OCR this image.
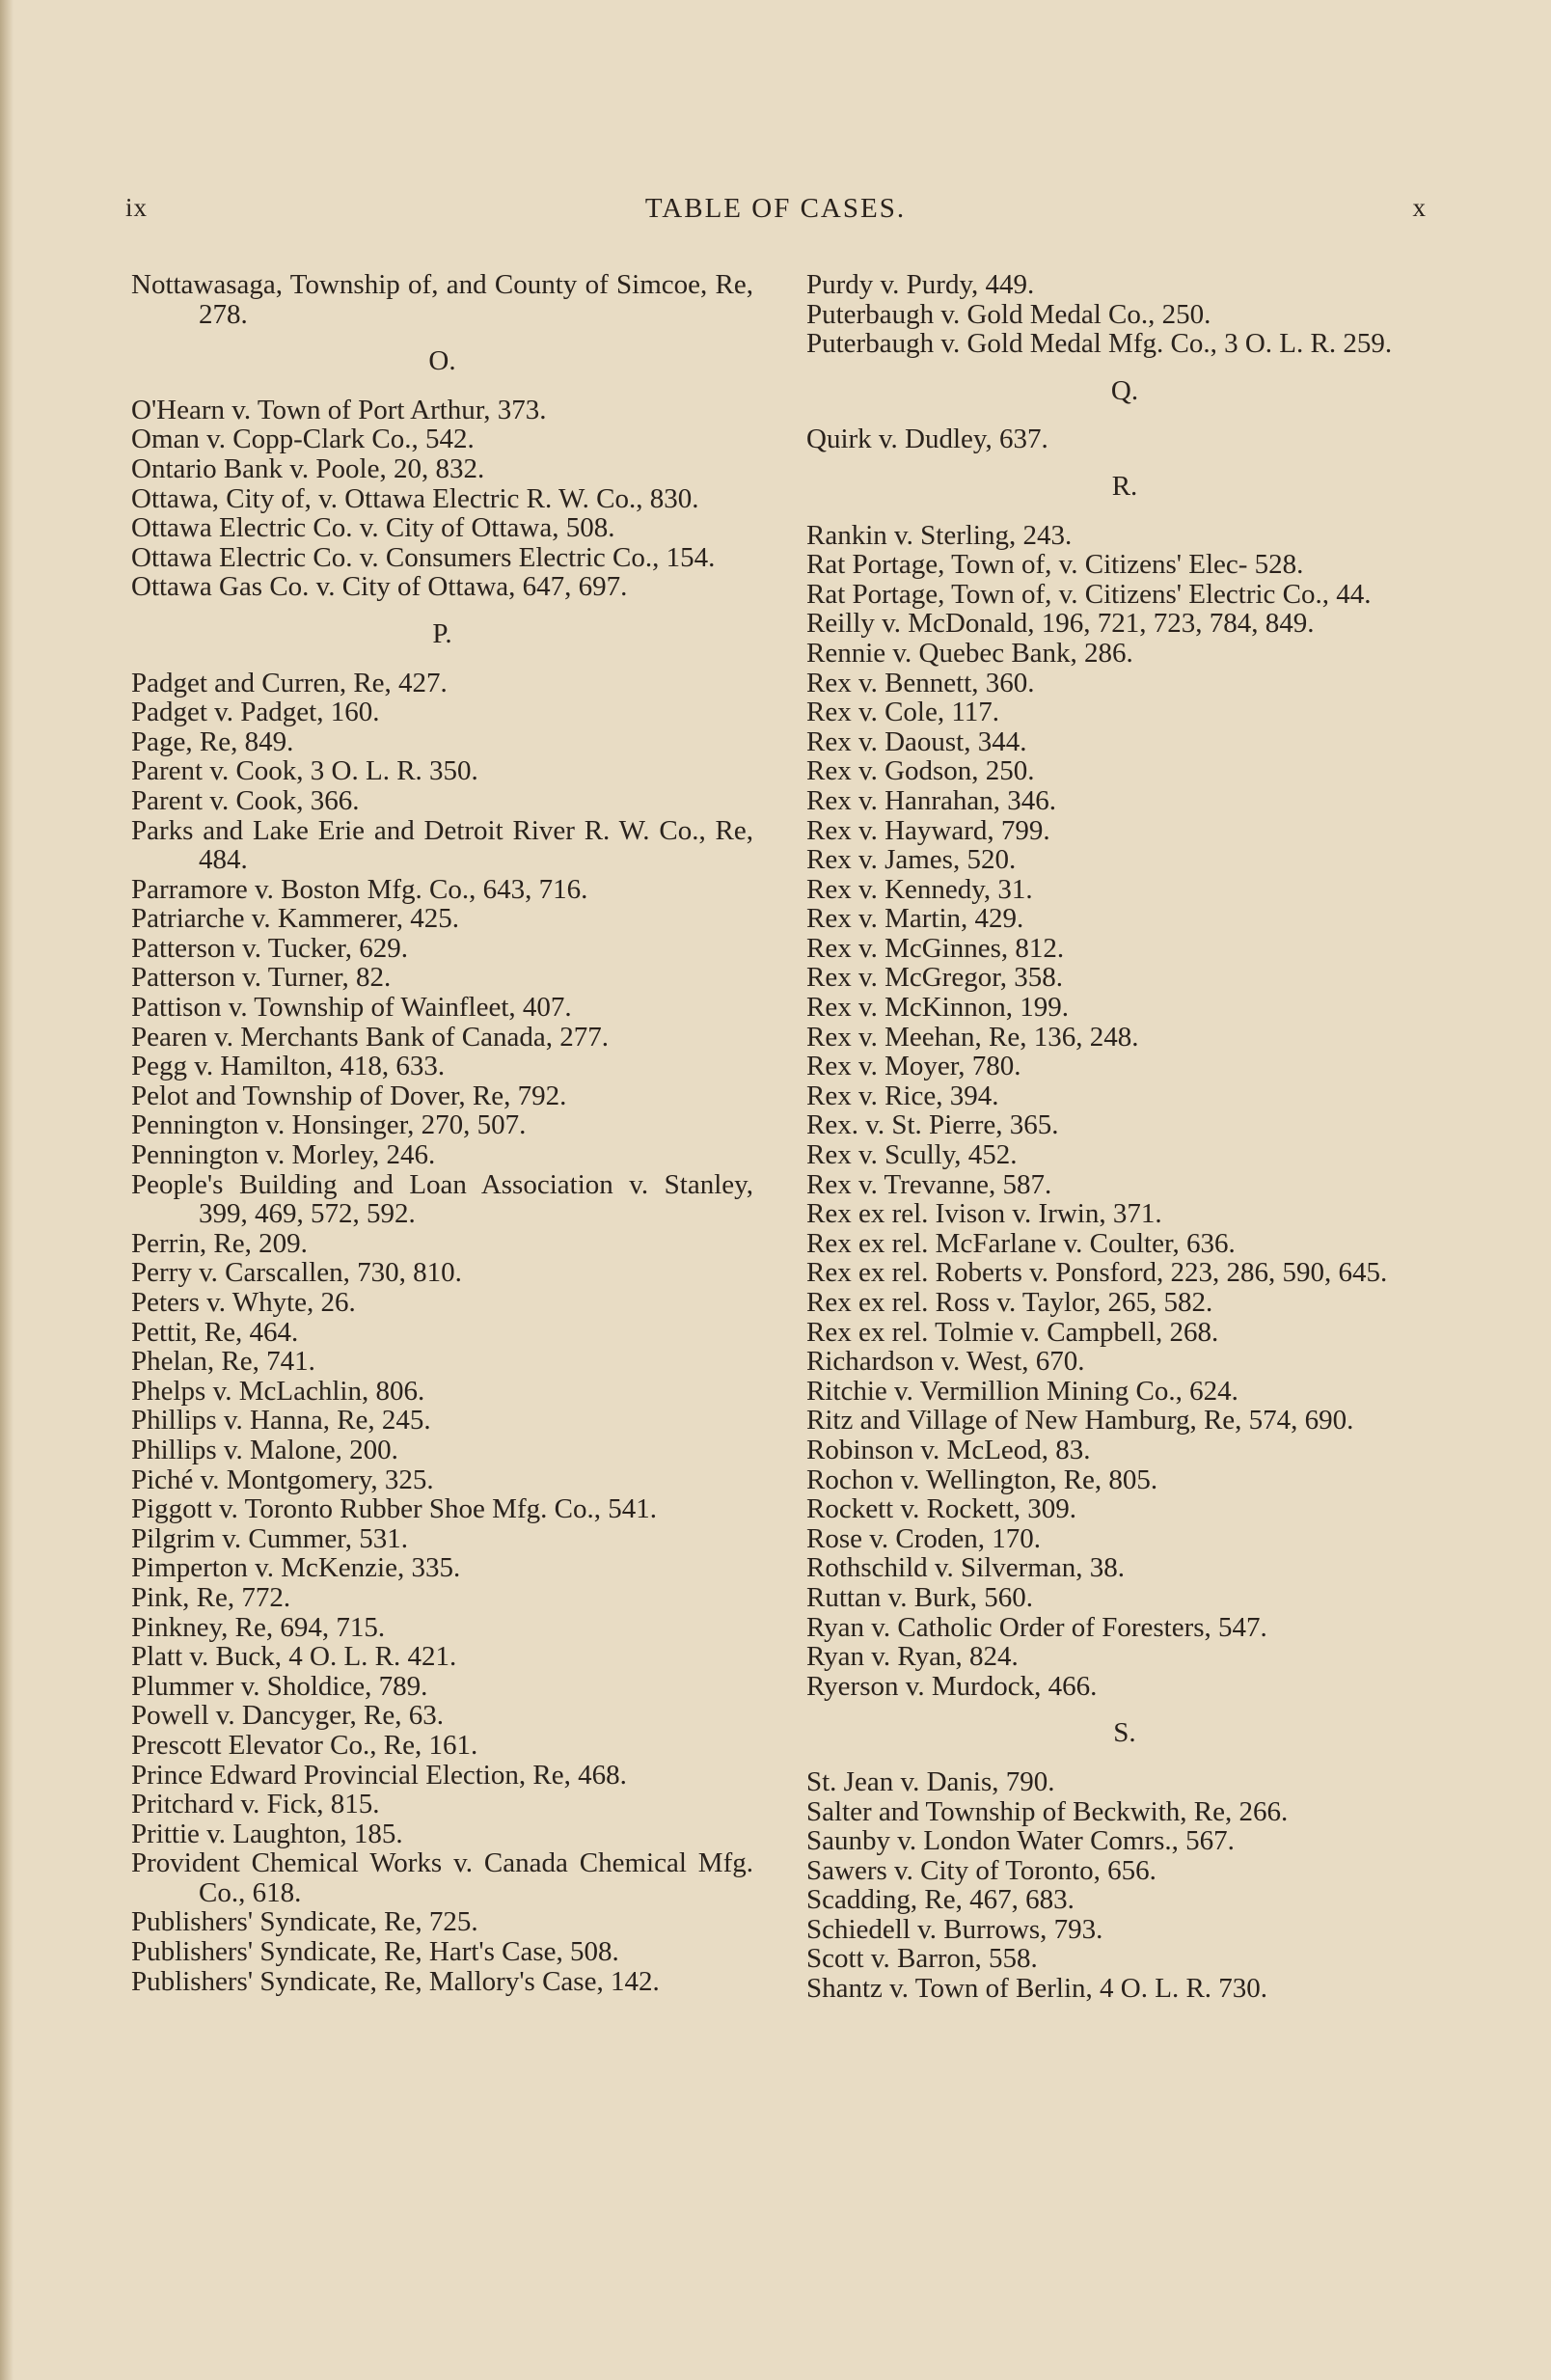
ix	TABLE OF CASES.	x
Nottawasaga, Township of, and County of Simcoe, Re, 278.
O.
O'Hearn v. Town of Port Arthur, 373.
Oman v. Copp-Clark Co., 542.
Ontario Bank v. Poole, 20, 832.
Ottawa, City of, v. Ottawa Electric R. W. Co., 830.
Ottawa Electric Co. v. City of Ottawa, 508.
Ottawa Electric Co. v. Consumers Electric Co., 154.
Ottawa Gas Co. v. City of Ottawa, 647, 697.
P.
Padget and Curren, Re, 427.
Padget v. Padget, 160.
Page, Re, 849.
Parent v. Cook, 3 O. L. R. 350.
Parent v. Cook, 366.
Parks and Lake Erie and Detroit River R. W. Co., Re, 484.
Parramore v. Boston Mfg. Co., 643, 716.
Patriarche v. Kammerer, 425.
Patterson v. Tucker, 629.
Patterson v. Turner, 82.
Pattison v. Township of Wainfleet, 407.
Pearen v. Merchants Bank of Canada, 277.
Pegg v. Hamilton, 418, 633.
Pelot and Township of Dover, Re, 792.
Pennington v. Honsinger, 270, 507.
Pennington v. Morley, 246.
People's Building and Loan Association v. Stanley, 399, 469, 572, 592.
Perrin, Re, 209.
Perry v. Carscallen, 730, 810.
Peters v. Whyte, 26.
Pettit, Re, 464.
Phelan, Re, 741.
Phelps v. McLachlin, 806.
Phillips v. Hanna, Re, 245.
Phillips v. Malone, 200.
Piché v. Montgomery, 325.
Piggott v. Toronto Rubber Shoe Mfg. Co., 541.
Pilgrim v. Cummer, 531.
Pimperton v. McKenzie, 335.
Pink, Re, 772.
Pinkney, Re, 694, 715.
Platt v. Buck, 4 O. L. R. 421.
Plummer v. Sholdice, 789.
Powell v. Dancyger, Re, 63.
Prescott Elevator Co., Re, 161.
Prince Edward Provincial Election, Re, 468.
Pritchard v. Fick, 815.
Prittie v. Laughton, 185.
Provident Chemical Works v. Canada Chemical Mfg. Co., 618.
Publishers' Syndicate, Re, 725.
Publishers' Syndicate, Re, Hart's Case, 508.
Publishers' Syndicate, Re, Mallory's Case, 142.
Purdy v. Purdy, 449.
Puterbaugh v. Gold Medal Co., 250.
Puterbaugh v. Gold Medal Mfg. Co., 3 O. L. R. 259.
Q.
Quirk v. Dudley, 637.
R.
Rankin v. Sterling, 243.
Rat Portage, Town of, v. Citizens' Elec- 528.
Rat Portage, Town of, v. Citizens' Electric Co., 44.
Reilly v. McDonald, 196, 721, 723, 784, 849.
Rennie v. Quebec Bank, 286.
Rex v. Bennett, 360.
Rex v. Cole, 117.
Rex v. Daoust, 344.
Rex v. Godson, 250.
Rex v. Hanrahan, 346.
Rex v. Hayward, 799.
Rex v. James, 520.
Rex v. Kennedy, 31.
Rex v. Martin, 429.
Rex v. McGinnes, 812.
Rex v. McGregor, 358.
Rex v. McKinnon, 199.
Rex v. Meehan, Re, 136, 248.
Rex v. Moyer, 780.
Rex v. Rice, 394.
Rex. v. St. Pierre, 365.
Rex v. Scully, 452.
Rex v. Trevanne, 587.
Rex ex rel. Ivison v. Irwin, 371.
Rex ex rel. McFarlane v. Coulter, 636.
Rex ex rel. Roberts v. Ponsford, 223, 286, 590, 645.
Rex ex rel. Ross v. Taylor, 265, 582.
Rex ex rel. Tolmie v. Campbell, 268.
Richardson v. West, 670.
Ritchie v. Vermillion Mining Co., 624.
Ritz and Village of New Hamburg, Re, 574, 690.
Robinson v. McLeod, 83.
Rochon v. Wellington, Re, 805.
Rockett v. Rockett, 309.
Rose v. Croden, 170.
Rothschild v. Silverman, 38.
Ruttan v. Burk, 560.
Ryan v. Catholic Order of Foresters, 547.
Ryan v. Ryan, 824.
Ryerson v. Murdock, 466.
S.
St. Jean v. Danis, 790.
Salter and Township of Beckwith, Re, 266.
Saunby v. London Water Comrs., 567.
Sawers v. City of Toronto, 656.
Scadding, Re, 467, 683.
Schiedell v. Burrows, 793.
Scott v. Barron, 558.
Shantz v. Town of Berlin, 4 O. L. R. 730.
